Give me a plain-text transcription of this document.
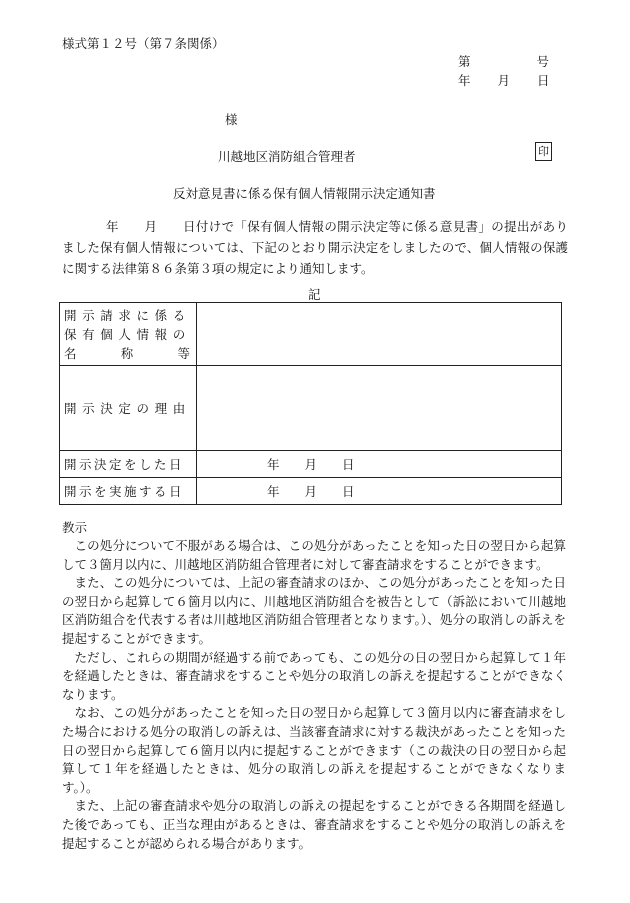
様式第１２号（第７条関係）
第	号
年 月 日
様
川越地区消防組合管理者	印
反対意見書に係る保有個人情報開示決定通知書

年　　月　　日付けで「保有個人情報の開示決定等に係る意見書」の提出がありました保有個人情報については、下記のとおり開示決定をしましたので、個人情報の保護に関する法律第８６条第３項の規定により通知します。

記
開示請求に係る
保有個人情報の
名 称 等	

開示決定の理由	
開示決定をした日	年　　月　　日
開示を実施する日	年　　月　　日
教示

この処分について不服がある場合は、この処分があったことを知った日の翌日から起算して３箇月以内に、川越地区消防組合管理者に対して審査請求をすることができます。

また、この処分については、上記の審査請求のほか、この処分があったことを知った日の翌日から起算して６箇月以内に、川越地区消防組合を被告として（訴訟において川越地区消防組合を代表する者は川越地区消防組合管理者となります。）、処分の取消しの訴えを提起することができます。

ただし、これらの期間が経過する前であっても、この処分の日の翌日から起算して１年を経過したときは、審査請求をすることや処分の取消しの訴えを提起することができなくなります。

なお、この処分があったことを知った日の翌日から起算して３箇月以内に審査請求をした場合における処分の取消しの訴えは、当該審査請求に対する裁決があったことを知った日の翌日から起算して６箇月以内に提起することができます（この裁決の日の翌日から起算して１年を経過したときは、処分の取消しの訴えを提起することができなくなります。）。

また、上記の審査請求や処分の取消しの訴えの提起をすることができる各期間を経過した後であっても、正当な理由があるときは、審査請求をすることや処分の取消しの訴えを提起することが認められる場合があります。
